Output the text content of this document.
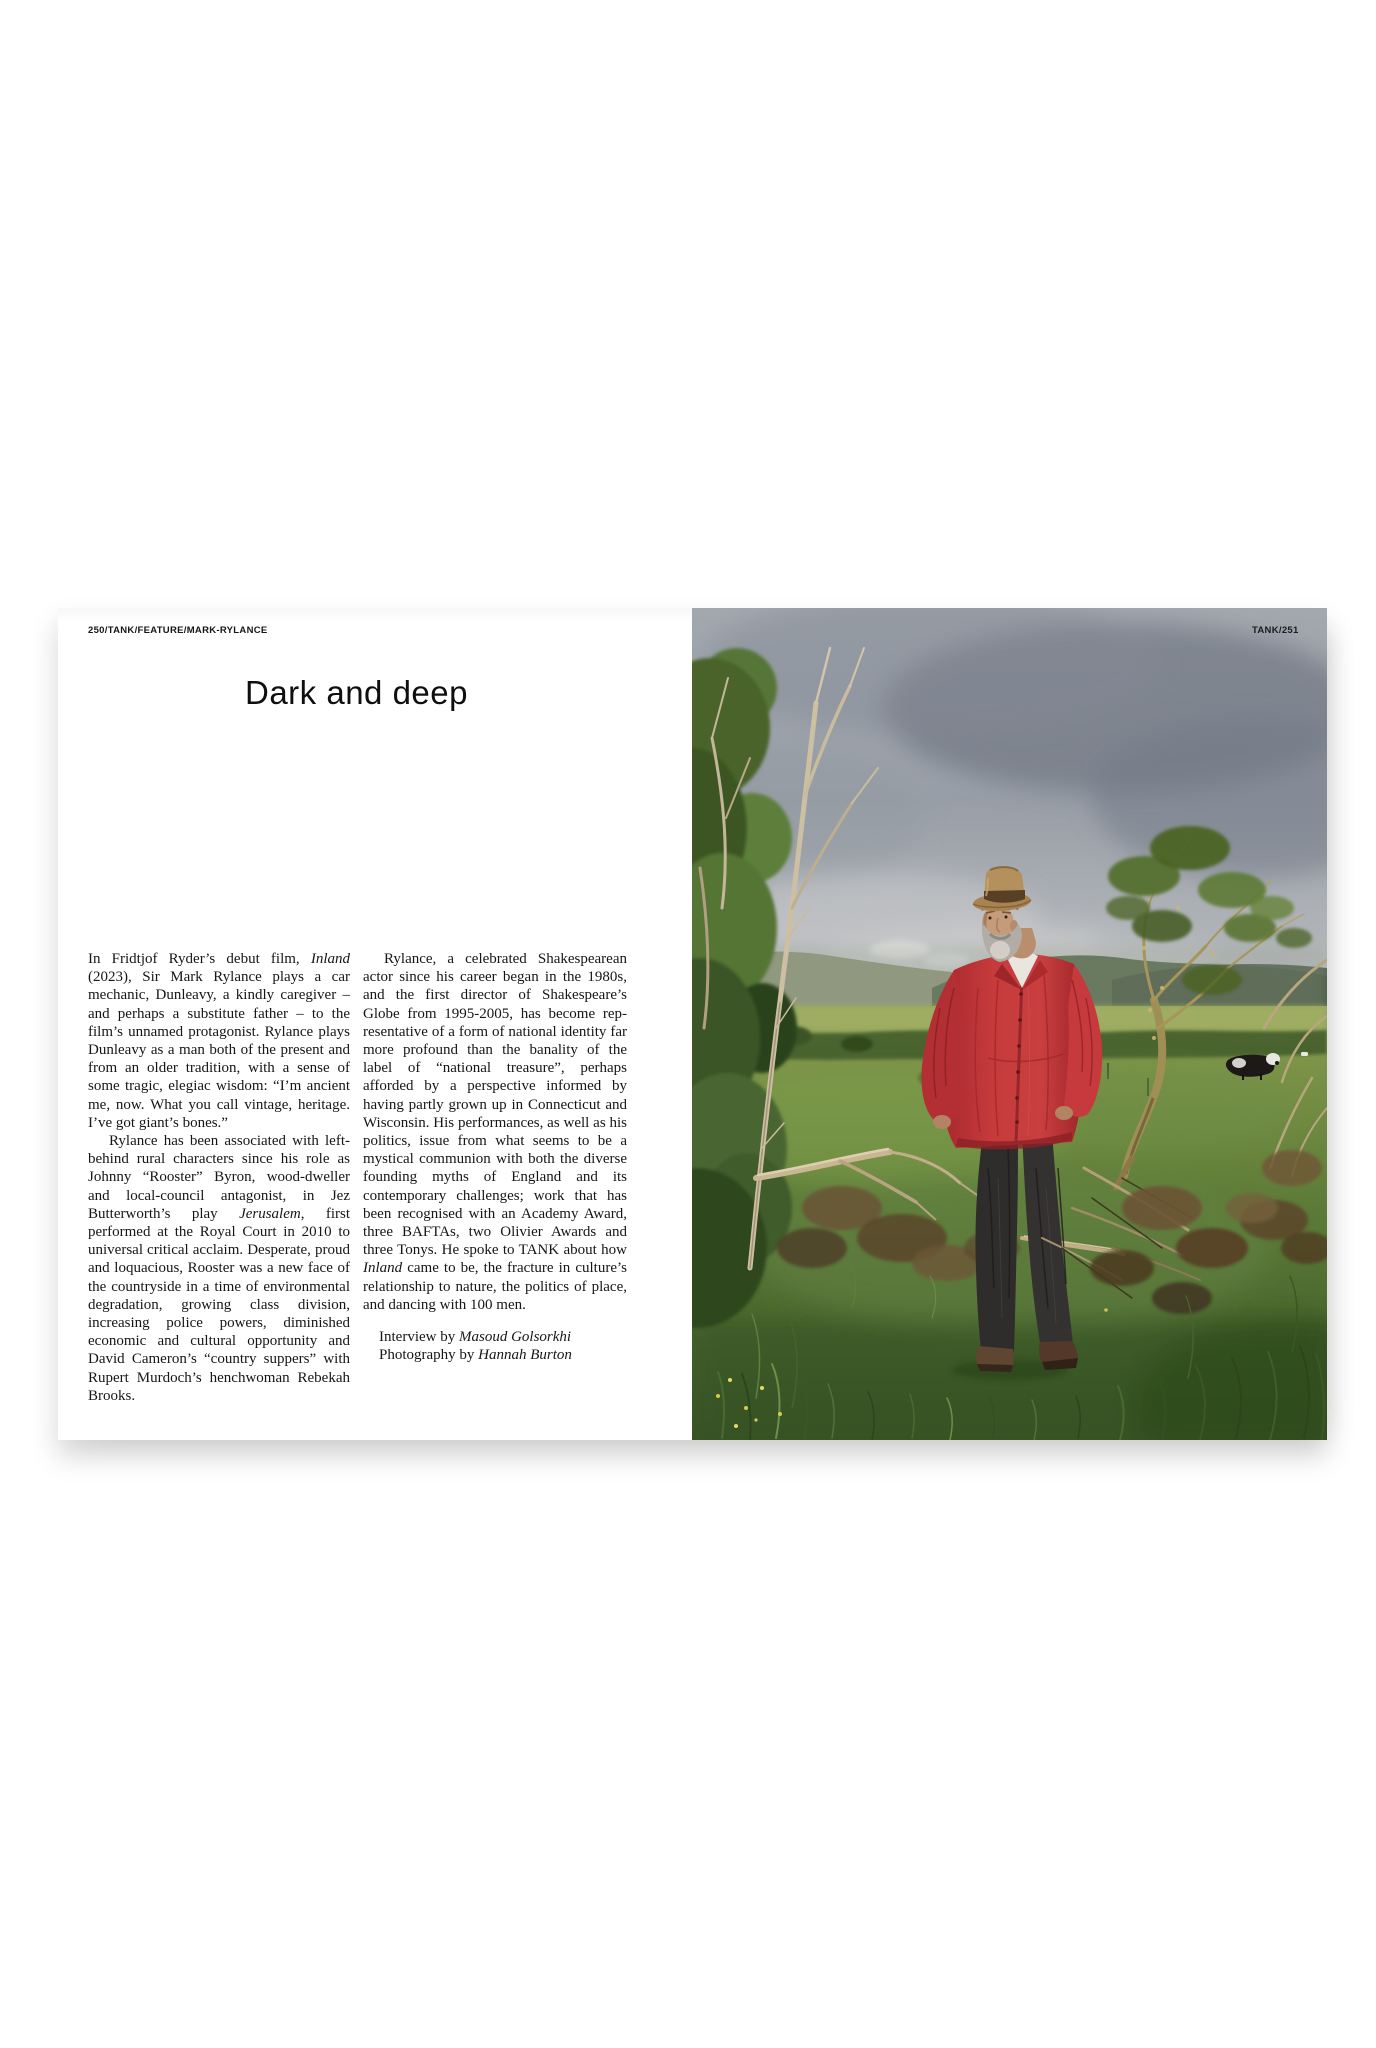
250/TANK/FEATURE/MARK-RYLANCE
Dark and deep

In Fridtjof Ryder’s debut film, Inland (2023), Sir Mark Rylance plays a car mechanic, Dunleavy, a kindly caregiver – and perhaps a substitute father – to the film’s unnamed protagonist. Rylance plays Dunleavy as a man both of the present and from an older tradition, with a sense of some tragic, elegiac wisdom: “I’m ancient me, now. What you call vintage, heritage. I’ve got giant’s bones.”

Rylance has been associated with left-behind rural characters since his role as Johnny “Rooster” Byron, wood-dweller and local-council antagonist, in Jez Butterworth’s play Jerusalem, first performed at the Royal Court in 2010 to universal critical acclaim. Desperate, proud and loquacious, Rooster was a new face of the countryside in a time of environmental degradation, growing class division, increasing police powers, diminished economic and cultural opportunity and David Cameron’s “country suppers” with Rupert Murdoch’s henchwoman Rebekah Brooks.

Rylance, a celebrated Shakespearean actor since his career began in the 1980s, and the first director of Shakespeare’s Globe from 1995-2005, has become representative of a form of national identity far more profound than the banality of the label of “national treasure”, perhaps afforded by a perspective informed by having partly grown up in Connecticut and Wisconsin. His performances, as well as his politics, issue from what seems to be a mystical communion with both the diverse founding myths of England and its contemporary challenges; work that has been recognised with an Academy Award, three BAFTAs, two Olivier Awards and three Tonys. He spoke to TANK about how Inland came to be, the fracture in culture’s relationship to nature, the politics of place, and dancing with 100 men.

Interview by Masoud Golsorkhi
Photography by Hannah Burton
TANK/251
